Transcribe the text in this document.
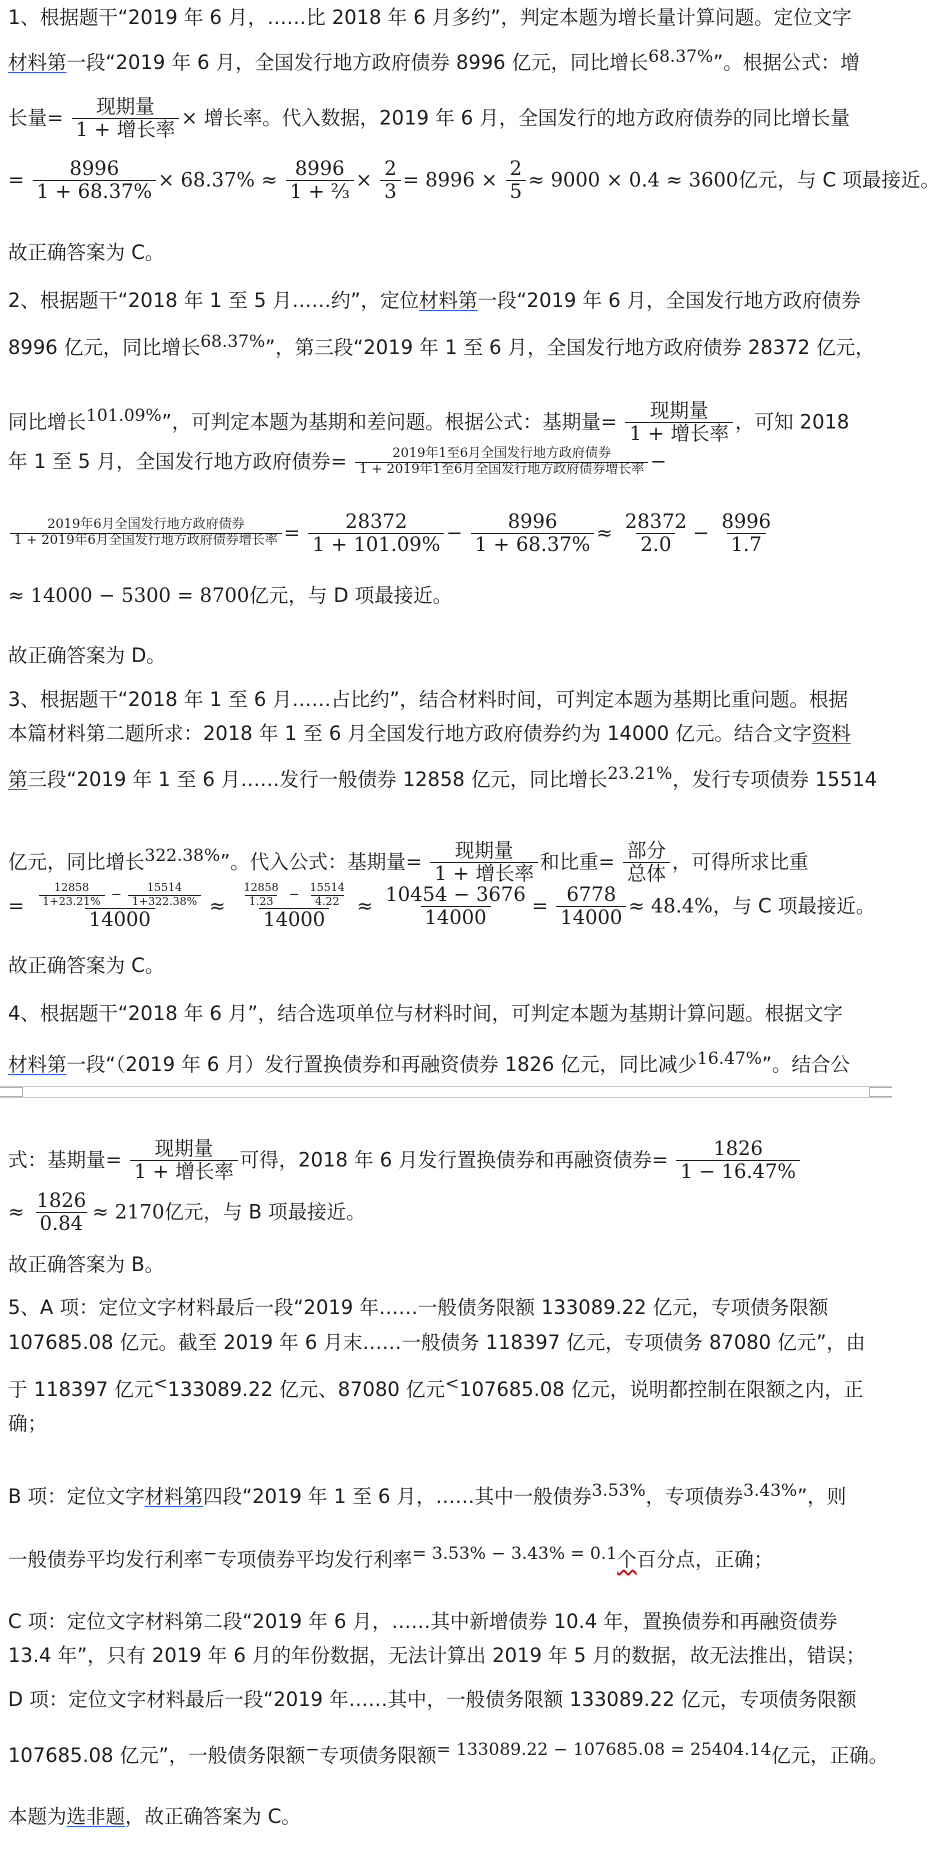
1、根据题干“2019 年 6 月，……比 2018 年 6 月多约”，判定本题为增长量计算问题。定位文字
材料第一段“2019 年 6 月，全国发行地方政府债券 8996 亿元，同比增长68.37%”。根据公式：增
长量= 现期量
1 + 增长率
× 增长率。代入数据，2019 年 6 月，全国发行的地方政府债券的同比增长量
= $\frac{8996}{1 + 68.37\%} \times 68.37\% \approx \frac{8996}{\text{1 + ⅔}} \times \frac{2}{3} = 8996 \times \frac{2}{5} \approx 9000 \times 0.4 \approx 3600$亿元，与 C 项最接近。
故正确答案为 C。
2、根据题干“2018 年 1 至 5 月……约”，定位材料第一段“2019 年 6 月，全国发行地方政府债券
8996 亿元，同比增长68.37%”，第三段“2019 年 1 至 6 月，全国发行地方政府债券 28372 亿元，
同比增长101.09%”，可判定本题为基期和差问题。根据公式：基期量= 现期量
1 + 增长率
，可知 2018
年 1 至 5 月，全国发行地方政府债券=	2019年1至6月全国发行地方政府债券
1 + 2019年1至6月全国发行地方政府债券增长率 −
2019年6月全国发行地方政府债券
1 + 2019年6月全国发行地方政府债券增长率 = $\frac{28372}{1 + 101.09\%} - \frac{8996}{1 + 68.37\%} \approx \frac{28372}{2.0} - \frac{8996}{1.7}$
≈ 14000 − 5300 = 8700亿元，与 D 项最接近。
故正确答案为 D。
3、根据题干“2018 年 1 至 6 月……占比约”，结合材料时间，可判定本题为基期比重问题。根据
本篇材料第二题所求：2018 年 1 至 6 月全国发行地方政府债券约为 14000 亿元。结合文字资料
第三段“2019 年 1 至 6 月……发行一般债券 12858 亿元，同比增长23.21%，发行专项债券 15514
亿元，同比增长322.38%”。代入公式：基期量= 现期量
1 + 增长率
和比重= 部分
总体
，可得所求比重
= $\frac{12858}{1+23.21\%} - \frac{15514}{1+322.38\%}$
14000
≈ $\frac{12858}{1.23} - \frac{15514}{4.22}$
14000
≈ $\frac{10454 - 3676}{14000} = \frac{6778}{14000} \approx 48.4\%$，与 C 项最接近。
故正确答案为 C。
4、根据题干“2018 年 6 月”，结合选项单位与材料时间，可判定本题为基期计算问题。根据文字
材料第一段“（2019 年 6 月）发行置换债券和再融资债券 1826 亿元，同比减少16.47%”。结合公
式：基期量= 现期量
1 + 增长率
可得，2018 年 6 月发行置换债券和再融资债券= $\frac{1826}{1 - 16.47\%}$
≈ $\frac{1826}{0.84} \approx 2170$亿元，与 B 项最接近。
故正确答案为 B。
5、A 项：定位文字材料最后一段“2019 年……一般债务限额 133089.22 亿元，专项债务限额
107685.08 亿元。截至 2019 年 6 月末……一般债务 118397 亿元，专项债务 87080 亿元”，由
于 118397 亿元<133089.22 亿元、87080 亿元<107685.08 亿元，说明都控制在限额之内，正
确；
B 项：定位文字材料第四段“2019 年 1 至 6 月，……其中一般债券3.53%，专项债券3.43%”，则
一般债券平均发行利率−专项债券平均发行利率= 3.53% − 3.43% = 0.1个百分点，正确；
C 项：定位文字材料第二段“2019 年 6 月，……其中新增债券 10.4 年，置换债券和再融资债券
13.4 年”，只有 2019 年 6 月的年份数据，无法计算出 2019 年 5 月的数据，故无法推出，错误；
D 项：定位文字材料最后一段“2019 年……其中，一般债务限额 133089.22 亿元，专项债务限额
107685.08 亿元”，一般债务限额−专项债务限额= 133089.22 − 107685.08 = 25404.14亿元，正确。
本题为选非题，故正确答案为 C。
